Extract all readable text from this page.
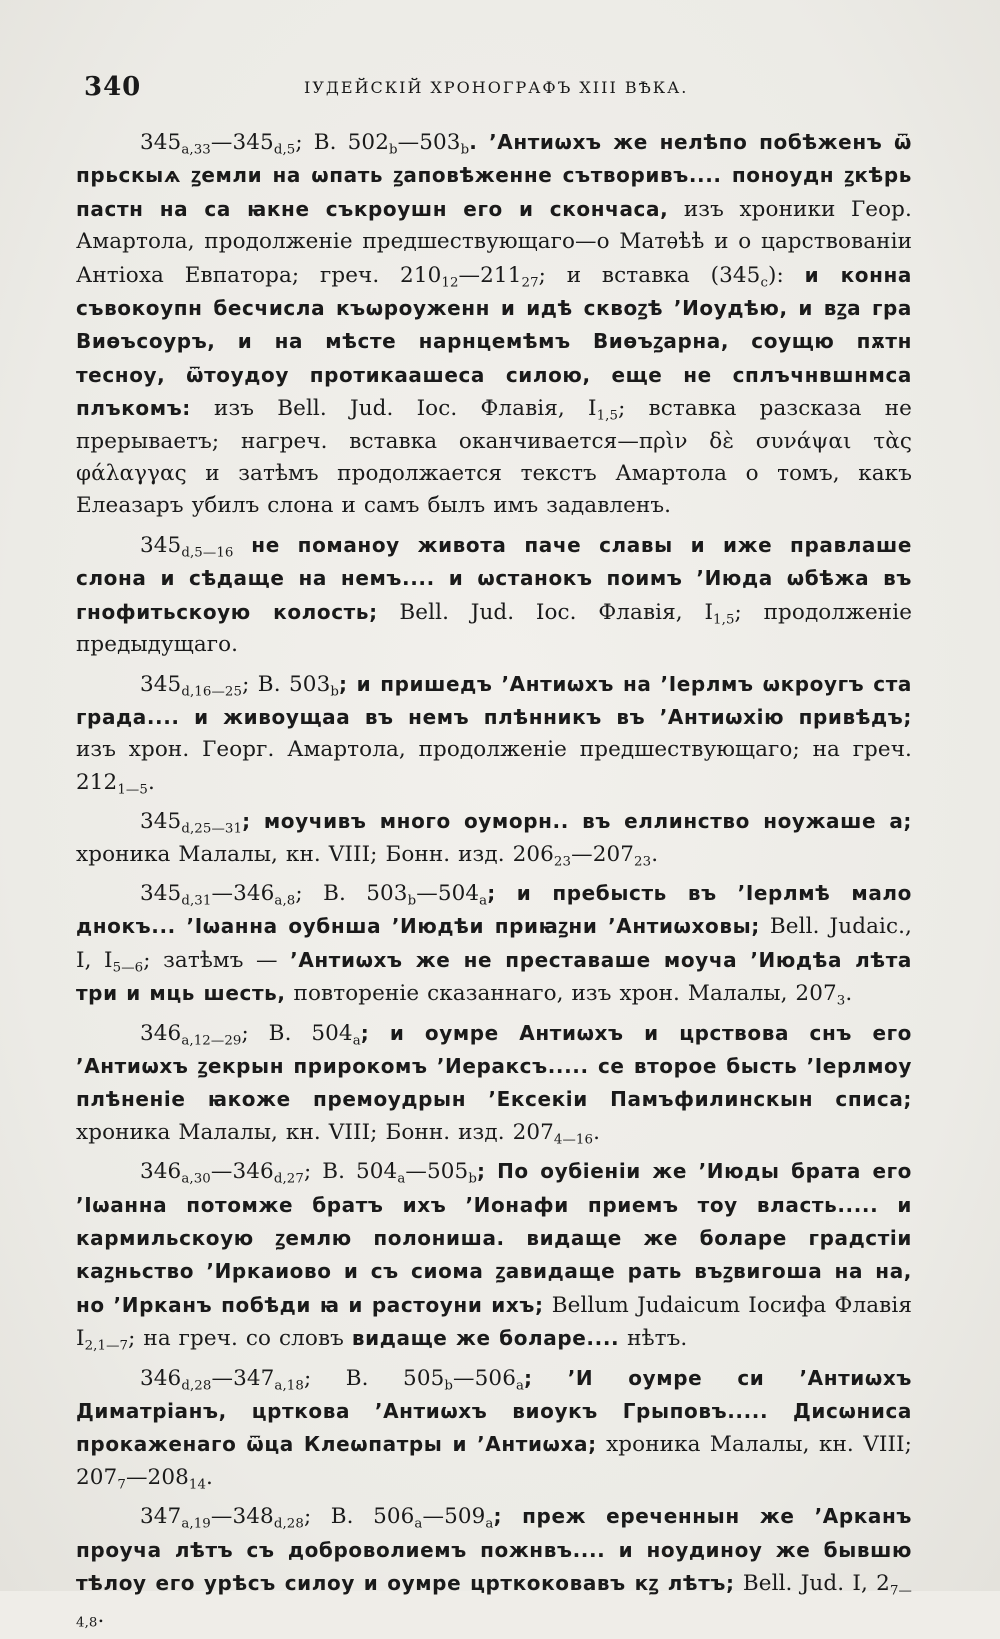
340	ІУДЕЙСКІЙ ХРОНОГРАФЪ XIII ВѢКА.

$345_{a,33}—345_{d,5}$; B. $502_b—503_b$. ’Антиѡхъ же нелѣпо побѣженъ ѿ прьскыѧ ꙁемли на ѡпать ꙁаповѣженне сътворивъ.... поноудн ꙁкѣрь пастн на са ꙗкне съкроушн его и скончаса, изъ хроники Геор. Амартола, продолженіе предшествующаго—о Матѳѣѣ и о царствованіи Антіоха Евпатора; греч. $210_{12}—211_{27}$; и вставка $(345_c)$: и конна съвокоупн бесчисла къѡроуженн и идѣ сквоꙁѣ ’Иоудѣю, и вꙁа гра Виѳъсоуръ, и на мѣсте нарнцемѣмъ Виѳъꙁарна, соущю пѫтн тесноу, ѿтоудоу протикаашеса силою, еще не сплъчнвшнмса плъкомъ: изъ Bell. Jud. Іос. Флавія, $I_{1,5}$; вставка разсказа не прерываетъ; нагреч. вставка оканчивается—πρὶν δὲ συνάψαι τὰς φάλαγγας и затѣмъ продолжается текстъ Амартола о томъ, какъ Елеазаръ убилъ слона и самъ былъ имъ задавленъ.

$345_{d,5—16}$ не поманоу живота паче славы и иже правлаше слона и сѣдаще на немъ.... и ѡстанокъ поимъ ’Июда ѡбѣжа въ гнофитьскоую колость; Bell. Jud. Іос. Флавія, $I_{1,5}$; продолженіе предыдущаго.

$345_{d,16—25}$; B. $503_b$; и пришедъ ’Антиѡхъ на ’Іерлмъ ѡкроугъ ста града.... и живоущаа въ немъ плѣнникъ въ ’Антиѡхію привѣдъ; изъ хрон. Георг. Амартола, продолженіе предшествующаго; на греч. $212_{1—5}$.

$345_{d,25—31}$; моучивъ много оуморн.. въ еллинство ноужаше а; хроника Малалы, кн. VIII; Бонн. изд. $206_{23}—207_{23}$.

$345_{d,31}—346_{a,8}$; B. $503_b—504_a$; и пребысть въ ’Іерлмѣ мало днокъ... ’Іѡанна оубнша ’Июдѣи приꙗꙁни ’Антиѡховы; Bell. Judaic., I, $I_{5—6}$; затѣмъ — ’Антиѡхъ же не преставаше моуча ’Июдѣа лѣта три и мць шесть, повтореніе сказаннаго, изъ хрон. Малалы, $207_3$.

$346_{a,12—29}$; B. $504_a$; и оумре Антиѡхъ и црствова снъ его ’Антиѡхъ ꙁекрын прирокомъ ’Иераксъ..... се второе бысть ’Іерлмоу плѣненіе ꙗкоже премоудрын ’Ексекіи Памъфилинскын списа; хроника Малалы, кн. VIII; Бонн. изд. $207_{4—16}$.

$346_{a,30}—346_{d,27}$; B. $504_a—505_b$; По оубіеніи же ’Июды брата его ’Іѡанна потомже братъ ихъ ’Ионафи приемъ тоу власть..... и кармильскоую ꙁемлю полониша. видаще же боларе градстіи каꙁньство ’Иркаиово и съ сиома ꙁавидаще рать въꙁвигоша на на, но ’Ирканъ побѣди ꙗ и растоуни ихъ; Bellum Judaicum Іосифа Флавія $I_{2,1—7}$; на греч. со словъ видаще же боларе.... нѣтъ.

$346_{d,28}—347_{a,18}$; B. $505_b—506_a$; ’И оумре си ’Антиѡхъ Диматріанъ, црткова ’Антиѡхъ виоукъ Грыповъ..... Дисѡниса прокаженаго ѿца Клеѡпатры и ’Антиѡха; хроника Малалы, кн. VIII; $207_7—208_{14}$.

$347_{a,19}—348_{d,28}$; B. $506_a—509_a$; преж ереченнын же ’Арканъ проуча лѣтъ съ доброволиемъ пожнвъ.... и ноудиноу же бывшю тѣлоу его урѣсъ силоу и оумре црткоковавъ кꙁ лѣтъ; Bell. Jud. I, $2_{7—4,8}$.
